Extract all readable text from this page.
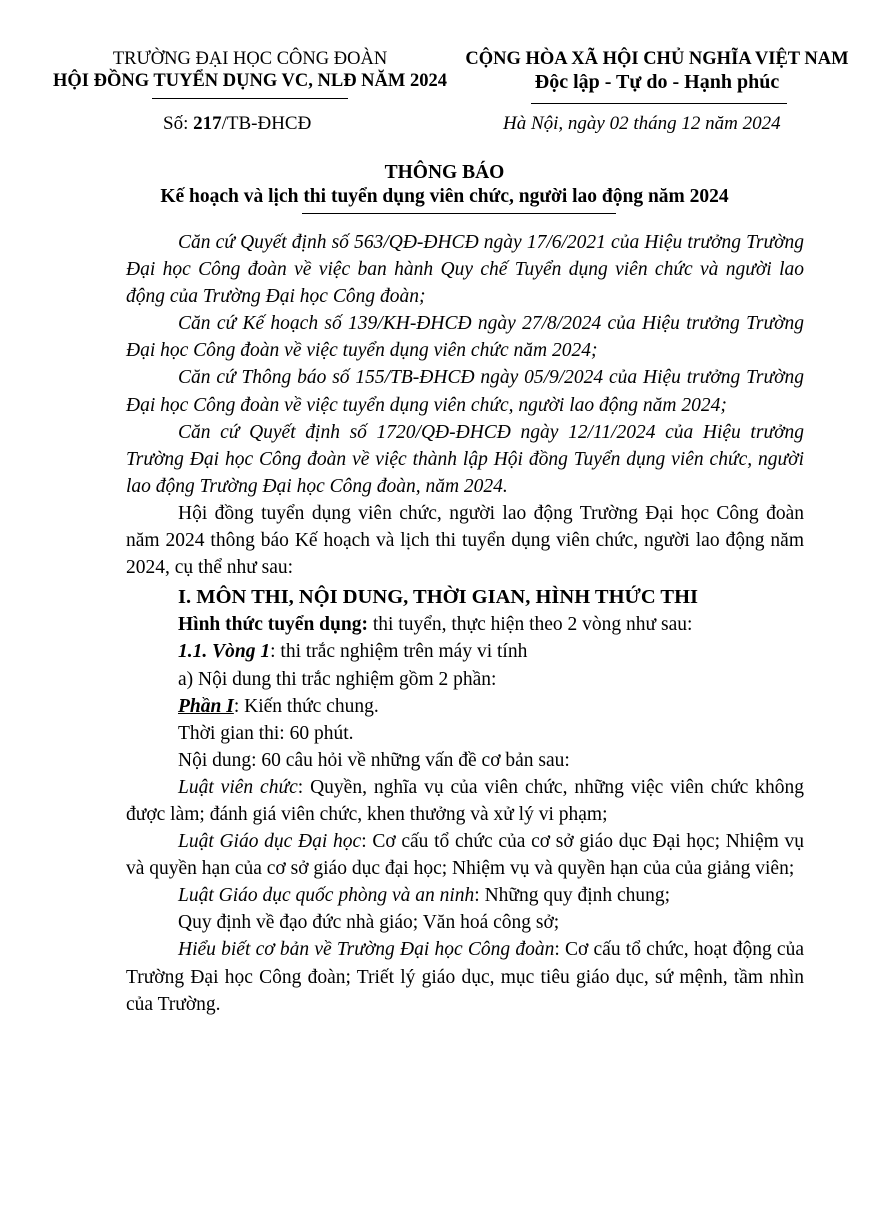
TRƯỜNG ĐẠI HỌC CÔNG ĐOÀN
HỘI ĐỒNG TUYỂN DỤNG VC, NLĐ NĂM 2024
CỘNG HÒA XÃ HỘI CHỦ NGHĨA VIỆT NAM
Độc lập - Tự do - Hạnh phúc
Số: 217/TB-ĐHCĐ	Hà Nội, ngày 02 tháng 12 năm 2024
THÔNG BÁO
Kế hoạch và lịch thi tuyển dụng viên chức, người lao động năm 2024

Căn cứ Quyết định số 563/QĐ-ĐHCĐ ngày 17/6/2021 của Hiệu trưởng Trường Đại học Công đoàn về việc ban hành Quy chế Tuyển dụng viên chức và người lao động của Trường Đại học Công đoàn;

Căn cứ Kế hoạch số 139/KH-ĐHCĐ ngày 27/8/2024 của Hiệu trưởng Trường Đại học Công đoàn về việc tuyển dụng viên chức năm 2024;

Căn cứ Thông báo số 155/TB-ĐHCĐ ngày 05/9/2024 của Hiệu trưởng Trường Đại học Công đoàn về việc tuyển dụng viên chức, người lao động năm 2024;

Căn cứ Quyết định số 1720/QĐ-ĐHCĐ ngày 12/11/2024 của Hiệu trưởng Trường Đại học Công đoàn về việc thành lập Hội đồng Tuyển dụng viên chức, người lao động Trường Đại học Công đoàn, năm 2024.

Hội đồng tuyển dụng viên chức, người lao động Trường Đại học Công đoàn năm 2024 thông báo Kế hoạch và lịch thi tuyển dụng viên chức, người lao động năm 2024, cụ thể như sau:

I. MÔN THI, NỘI DUNG, THỜI GIAN, HÌNH THỨC THI

Hình thức tuyển dụng: thi tuyển, thực hiện theo 2 vòng như sau:

1.1. Vòng 1: thi trắc nghiệm trên máy vi tính

a) Nội dung thi trắc nghiệm gồm 2 phần:

Phần I: Kiến thức chung.

Thời gian thi: 60 phút.

Nội dung: 60 câu hỏi về những vấn đề cơ bản sau:

Luật viên chức: Quyền, nghĩa vụ của viên chức, những việc viên chức không được làm; đánh giá viên chức, khen thưởng và xử lý vi phạm;

Luật Giáo dục Đại học: Cơ cấu tổ chức của cơ sở giáo dục Đại học; Nhiệm vụ và quyền hạn của cơ sở giáo dục đại học; Nhiệm vụ và quyền hạn của của giảng viên;

Luật Giáo dục quốc phòng và an ninh: Những quy định chung;

Quy định về đạo đức nhà giáo; Văn hoá công sở;

Hiểu biết cơ bản về Trường Đại học Công đoàn: Cơ cấu tổ chức, hoạt động của Trường Đại học Công đoàn; Triết lý giáo dục, mục tiêu giáo dục, sứ mệnh, tầm nhìn của Trường.
